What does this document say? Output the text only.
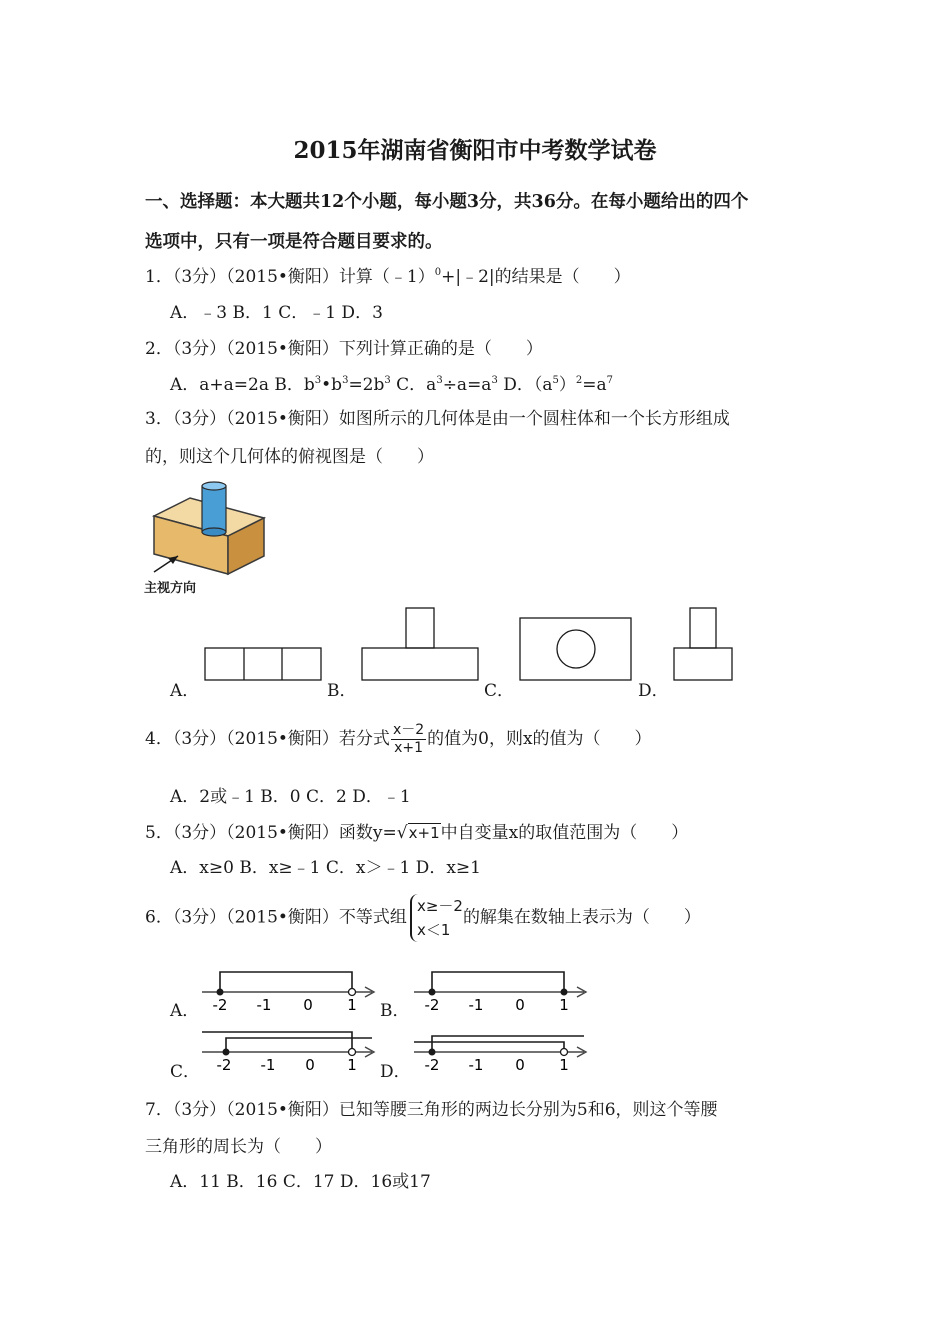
2015年湖南省衡阳市中考数学试卷
一、选择题：本大题共12个小题，每小题3分，共36分。在每小题给出的四个
选项中，只有一项是符合题目要求的。
1．（3分）（2015•衡阳）计算（﹣1）$^0$+|﹣2|的结果是（　　）
A．﹣3 B．1 C．﹣1 D．3
2．（3分）（2015•衡阳）下列计算正确的是（　　）
A．a+a=2a B．$b^3•b^3=2b^3$ C．$a^3\div a=a^3$ D．$(a^5)^2=a^7$
3．（3分）（2015•衡阳）如图所示的几何体是由一个圆柱体和一个长方形组成
的，则这个几何体的俯视图是（　　）
主视方向
A．	B．	C．	D．
4．（3分）（2015•衡阳）若分式 $\frac{x-2}{x+1}$ 的值为0，则x的值为（　　）
A．2或﹣1 B．0 C．2 D．﹣1
5．（3分）（2015•衡阳）函数y=√x+1中自变量x的取值范围为（　　）
A．x≥0 B．x≥﹣1 C．x＞﹣1 D．x≥1
6．（3分）（2015•衡阳）不等式组
x≥－2
x＜1
的解集在数轴上表示为（　　）
A． -2 -1 0 1 B． -2 -1 0 1
C． -2 -1 0 1 D． -2 -1 0 1
7．（3分）（2015•衡阳）已知等腰三角形的两边长分别为5和6，则这个等腰
三角形的周长为（　　）
A．11 B．16 C．17 D．16或17
